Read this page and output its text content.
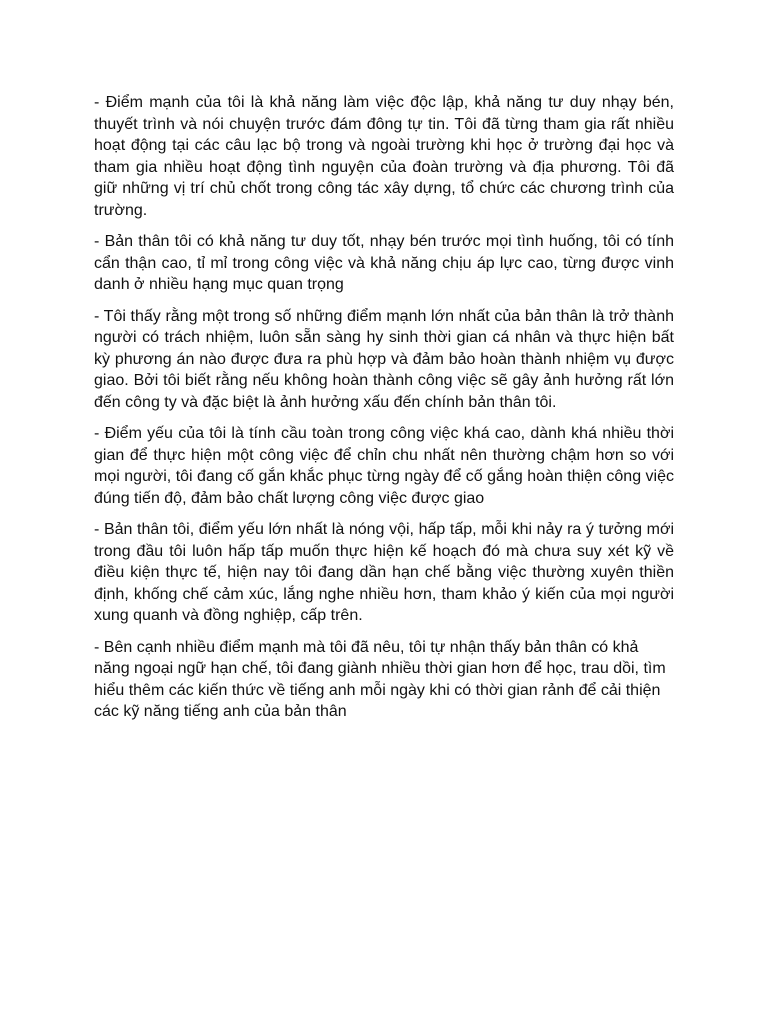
- Điểm mạnh của tôi là khả năng làm việc độc lập, khả năng tư duy nhạy bén, thuyết trình và nói chuyện trước đám đông tự tin. Tôi đã từng tham gia rất nhiều hoạt động tại các câu lạc bộ trong và ngoài trường khi học ở trường đại học và tham gia nhiều hoạt động tình nguyện của đoàn trường và địa phương. Tôi đã giữ những vị trí chủ chốt trong công tác xây dựng, tổ chức các chương trình của trường.

- Bản thân tôi có khả năng tư duy tốt, nhạy bén trước mọi tình huống, tôi có tính cẩn thận cao, tỉ mỉ trong công việc và khả năng chịu áp lực cao, từng được vinh danh ở nhiều hạng mục quan trọng

- Tôi thấy rằng một trong số những điểm mạnh lớn nhất của bản thân là trở thành người có trách nhiệm, luôn sẵn sàng hy sinh thời gian cá nhân và thực hiện bất kỳ phương án nào được đưa ra phù hợp và đảm bảo hoàn thành nhiệm vụ được giao. Bởi tôi biết rằng nếu không hoàn thành công việc sẽ gây ảnh hưởng rất lớn đến công ty và đặc biệt là ảnh hưởng xấu đến chính bản thân tôi.

- Điểm yếu của tôi là tính cầu toàn trong công việc khá cao, dành khá nhiều thời gian để thực hiện một công việc để chỉn chu nhất nên thường chậm hơn so với mọi người, tôi đang cố gắn khắc phục từng ngày để cố gắng hoàn thiện công việc đúng tiến độ, đảm bảo chất lượng công việc được giao

- Bản thân tôi, điểm yếu lớn nhất là nóng vội, hấp tấp, mỗi khi nảy ra ý tưởng mới trong đầu tôi luôn hấp tấp muốn thực hiện kế hoạch đó mà chưa suy xét kỹ về điều kiện thực tế, hiện nay tôi đang dần hạn chế bằng việc thường xuyên thiền định, khống chế cảm xúc, lắng nghe nhiều hơn, tham khảo ý kiến của mọi người xung quanh và đồng nghiệp, cấp trên.

- Bên cạnh nhiều điểm mạnh mà tôi đã nêu, tôi tự nhận thấy bản thân có khả năng ngoại ngữ hạn chế, tôi đang giành nhiều thời gian hơn để học, trau dồi, tìm hiểu thêm các kiến thức về tiếng anh mỗi ngày khi có thời gian rảnh để cải thiện các kỹ năng tiếng anh của bản thân
